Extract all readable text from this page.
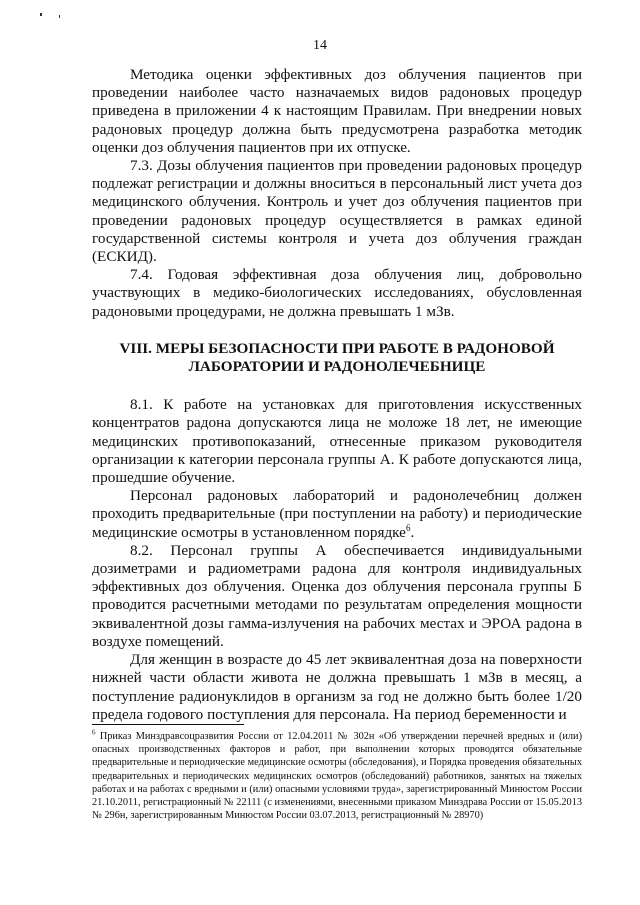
14

Методика оценки эффективных доз облучения пациентов при проведении наиболее часто назначаемых видов радоновых процедур приведена в приложении 4 к настоящим Правилам. При внедрении новых радоновых процедур должна быть предусмотрена разработка методик оценки доз облучения пациентов при их отпуске.

7.3. Дозы облучения пациентов при проведении радоновых процедур подлежат регистрации и должны вноситься в персональный лист учета доз медицинского облучения. Контроль и учет доз облучения пациентов при проведении радоновых процедур осуществляется в рамках единой государственной системы контроля и учета доз облучения граждан (ЕСКИД).

7.4. Годовая эффективная доза облучения лиц, добровольно участвующих в медико-биологических исследованиях, обусловленная радоновыми процедурами, не должна превышать 1 мЗв.

VIII. МЕРЫ БЕЗОПАСНОСТИ ПРИ РАБОТЕ В РАДОНОВОЙ ЛАБОРАТОРИИ И РАДОНОЛЕЧЕБНИЦЕ

8.1. К работе на установках для приготовления искусственных концентратов радона допускаются лица не моложе 18 лет, не имеющие медицинских противопоказаний, отнесенные приказом руководителя организации к категории персонала группы А. К работе допускаются лица, прошедшие обучение.

Персонал радоновых лабораторий и радонолечебниц должен проходить предварительные (при поступлении на работу) и периодические медицинские осмотры в установленном порядке$^6$.

8.2. Персонал группы А обеспечивается индивидуальными дозиметрами и радиометрами радона для контроля индивидуальных эффективных доз облучения. Оценка доз облучения персонала группы Б проводится расчетными методами по результатам определения мощности эквивалентной дозы гамма-излучения на рабочих местах и ЭРОА радона в воздухе помещений.

Для женщин в возрасте до 45 лет эквивалентная доза на поверхности нижней части области живота не должна превышать 1 мЗв в месяц, а поступление радионуклидов в организм за год не должно быть более 1/20 предела годового поступления для персонала. На период беременности и

$^6$ Приказ Минздравсоцразвития России от 12.04.2011 № 302н «Об утверждении перечней вредных и (или) опасных производственных факторов и работ, при выполнении которых проводятся обязательные предварительные и периодические медицинские осмотры (обследования), и Порядка проведения обязательных предварительных и периодических медицинских осмотров (обследований) работников, занятых на тяжелых работах и на работах с вредными и (или) опасными условиями труда», зарегистрированный Минюстом России 21.10.2011, регистрационный № 22111 (с изменениями, внесенными приказом Минздрава России от 15.05.2013 № 296н, зарегистрированным Минюстом России 03.07.2013, регистрационный № 28970)
